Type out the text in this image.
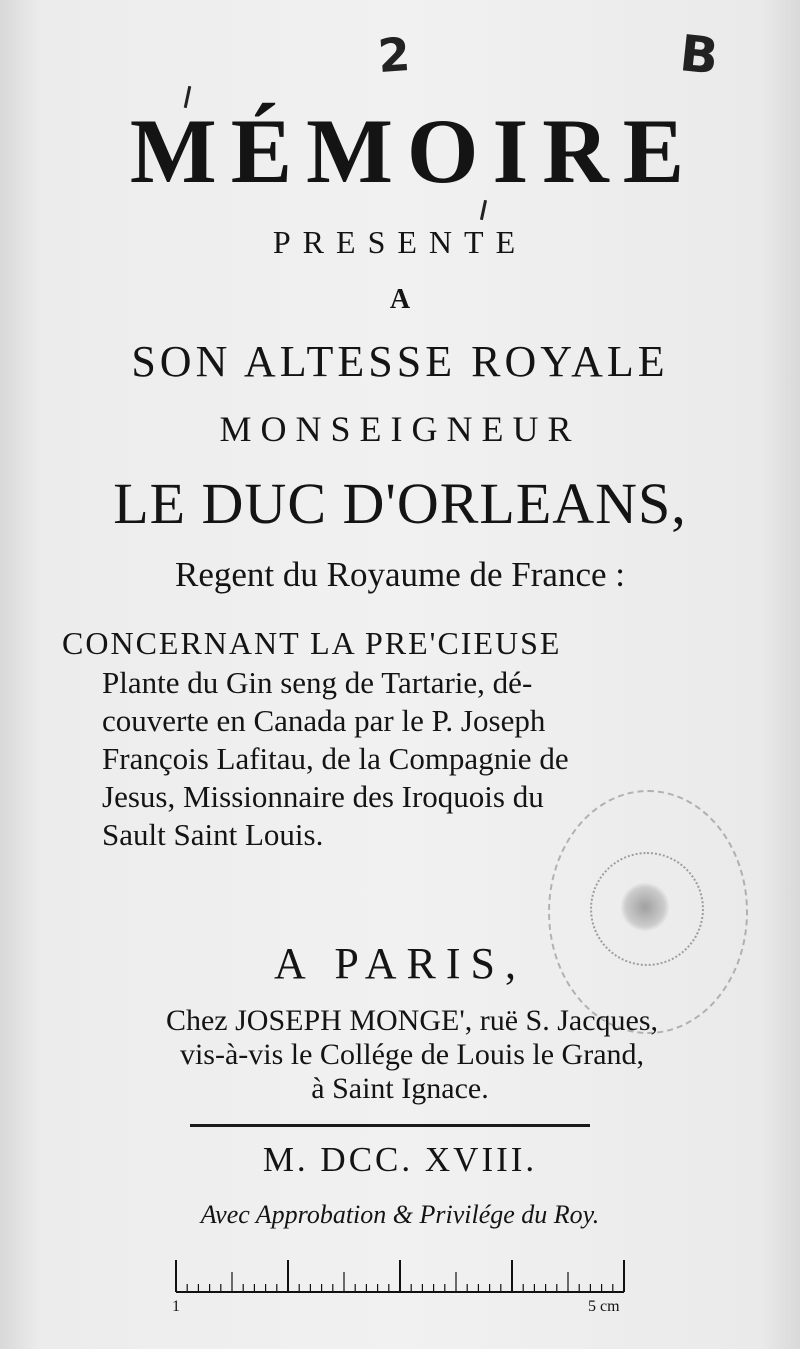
2	B
MÉMOIRE
PRESENTE
A
SON ALTESSE ROYALE
MONSEIGNEUR
LE DUC D'ORLEANS,
Regent du Royaume de France :
CONCERNANT LA PRE'CIEUSE
Plante du Gin seng de Tartarie, dé-
couverte en Canada par le P. Joseph
François Lafitau, de la Compagnie de
Jesus, Missionnaire des Iroquois du
Sault Saint Louis.
A PARIS,
Chez JOSEPH MONGE', ruë S. Jacques,
vis-à-vis le Collége de Louis le Grand,
à Saint Ignace.
M. DCC. XVIII.
Avec Approbation & Privilége du Roy.
1	5 cm
